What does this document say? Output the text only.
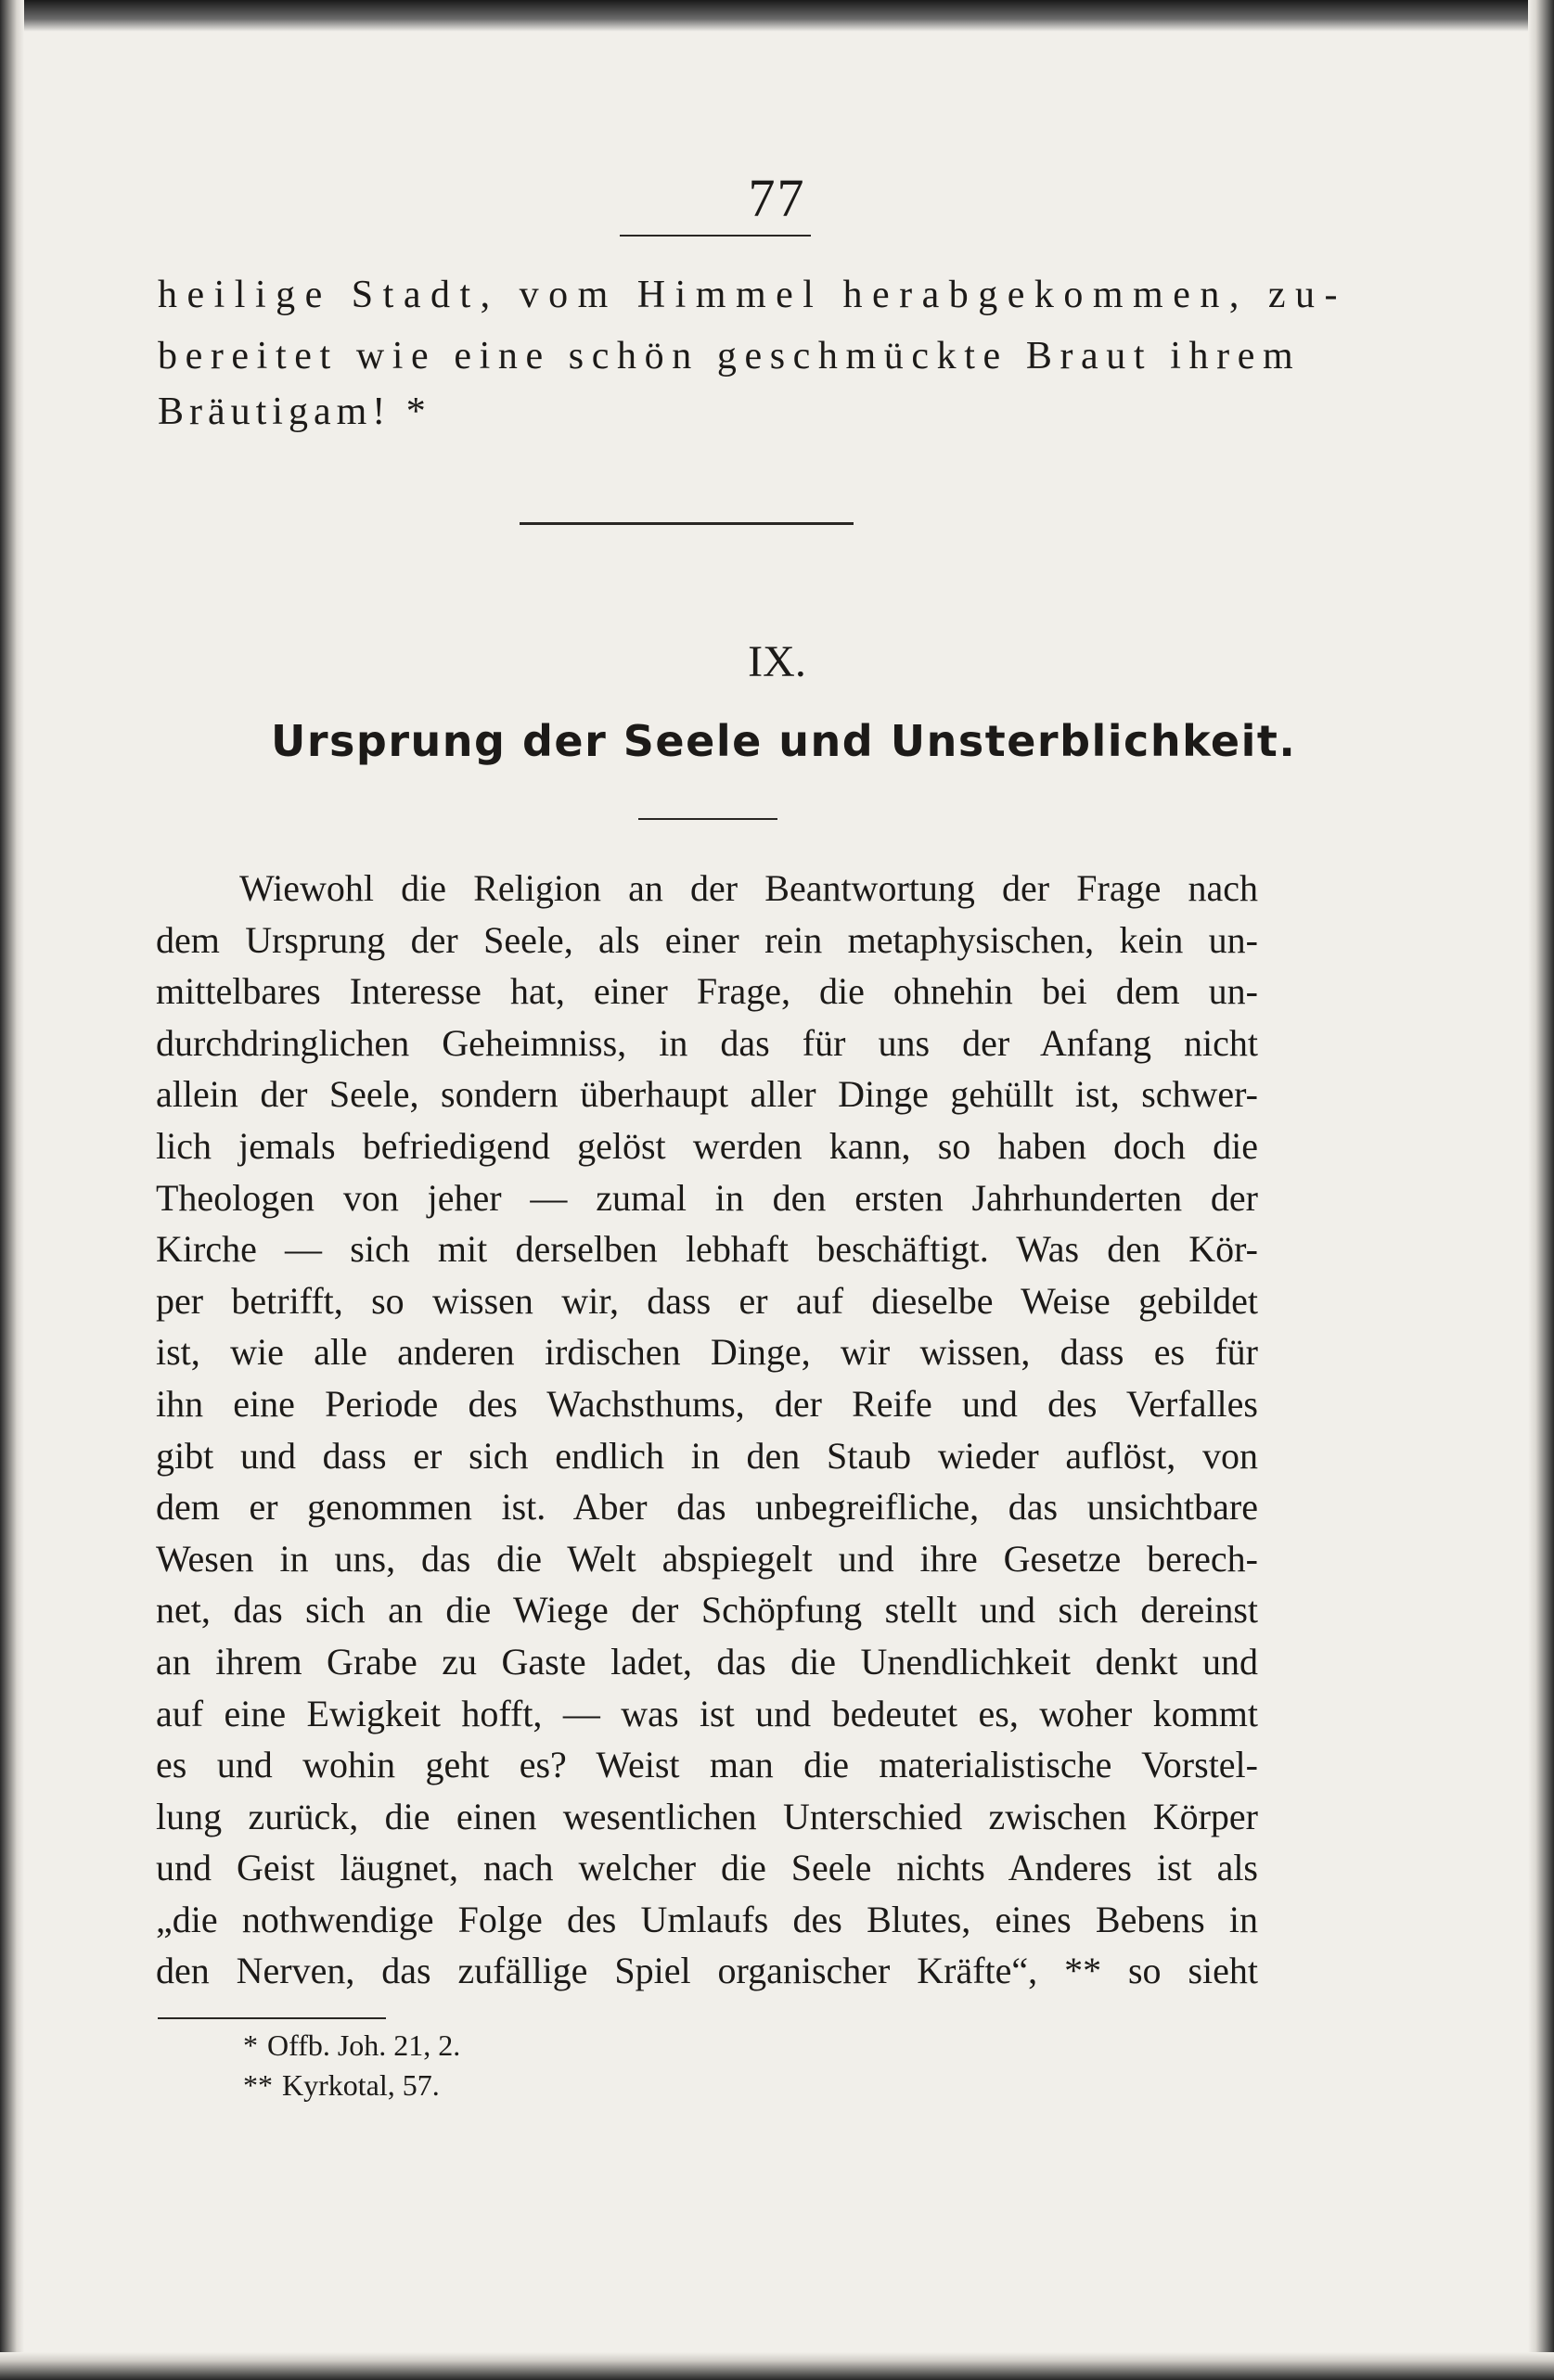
77
heilige Stadt, vom Himmel herabgekommen, zu-
bereitet wie eine schön geschmückte Braut ihrem
Bräutigam! *
IX.
Ursprung der Seele und Unsterblichkeit.
Wiewohl die Religion an der Beantwortung der Frage nach
dem Ursprung der Seele, als einer rein metaphysischen, kein un-
mittelbares Interesse hat, einer Frage, die ohnehin bei dem un-
durchdringlichen Geheimniss, in das für uns der Anfang nicht
allein der Seele, sondern überhaupt aller Dinge gehüllt ist, schwer-
lich jemals befriedigend gelöst werden kann, so haben doch die
Theologen von jeher — zumal in den ersten Jahrhunderten der
Kirche — sich mit derselben lebhaft beschäftigt. Was den Kör-
per betrifft, so wissen wir, dass er auf dieselbe Weise gebildet
ist, wie alle anderen irdischen Dinge, wir wissen, dass es für
ihn eine Periode des Wachsthums, der Reife und des Verfalles
gibt und dass er sich endlich in den Staub wieder auflöst, von
dem er genommen ist. Aber das unbegreifliche, das unsichtbare
Wesen in uns, das die Welt abspiegelt und ihre Gesetze berech-
net, das sich an die Wiege der Schöpfung stellt und sich dereinst
an ihrem Grabe zu Gaste ladet, das die Unendlichkeit denkt und
auf eine Ewigkeit hofft, — was ist und bedeutet es, woher kommt
es und wohin geht es? Weist man die materialistische Vorstel-
lung zurück, die einen wesentlichen Unterschied zwischen Körper
und Geist läugnet, nach welcher die Seele nichts Anderes ist als
„die nothwendige Folge des Umlaufs des Blutes, eines Bebens in
den Nerven, das zufällige Spiel organischer Kräfte“, ** so sieht
* Offb. Joh. 21, 2.
** Kyrkotal, 57.
